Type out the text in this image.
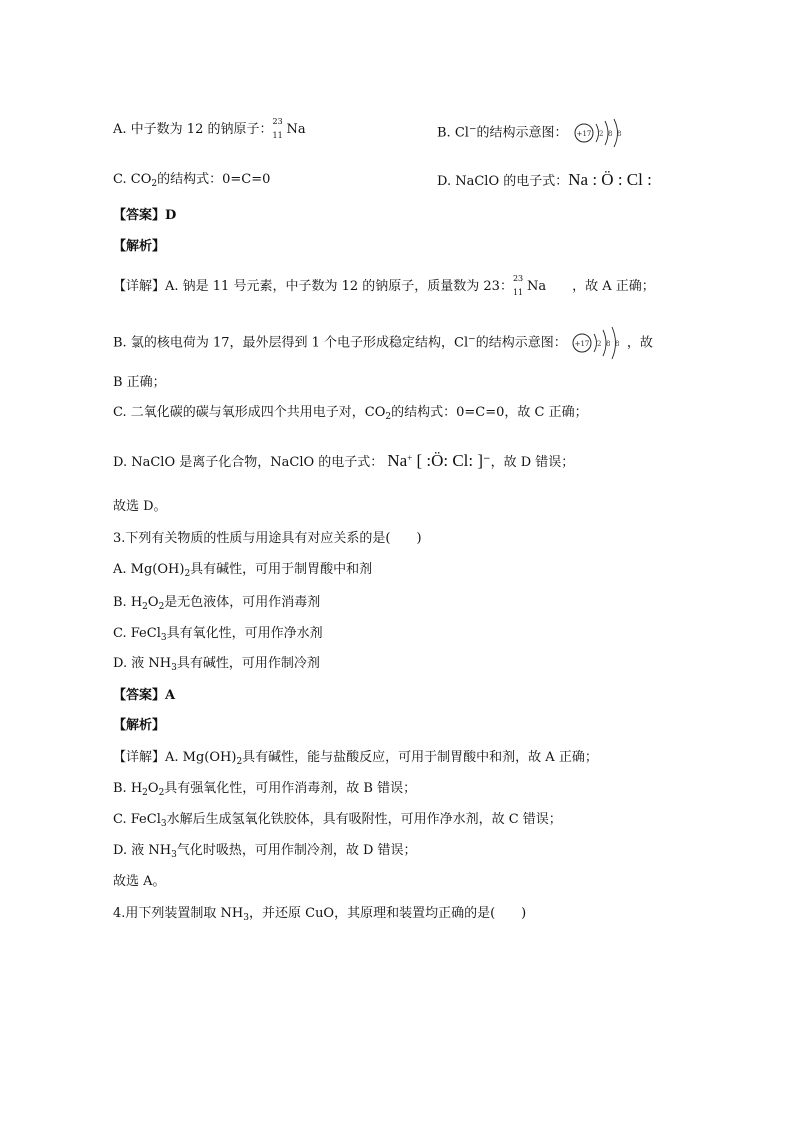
A. 中子数为 12 的钠原子：
23
11 Na	B. Cl−的结构示意图： +17 2 8 8
C. $CO_2$的结构式：0=C=0	D. NaClO 的电子式：Na : Ö : Cl :
【答案】D
【解析】
【详解】A. 钠是 11 号元素，中子数为 12 的钠原子，质量数为 23：
23
11 Na　　 ，故 A 正确；
B. 氯的核电荷为 17，最外层得到 1 个电子形成稳定结构，Cl−的结构示意图： +17 2 8 8 ，故
B 正确；
C. 二氧化碳的碳与氧形成四个共用电子对，$CO_2$的结构式：0=C=0，故 C 正确；
D. NaClO 是离子化合物，NaClO 的电子式： Na+ [ :Ö: Cl: ]−，故 D 错误；
故选 D。
3.下列有关物质的性质与用途具有对应关系的是(　　)
A. $Mg(OH)_2$具有碱性，可用于制胃酸中和剂
B. $H_2O_2$是无色液体，可用作消毒剂
C. FeCl$_3$具有氧化性，可用作净水剂
D. 液 $NH_3$具有碱性，可用作制冷剂
【答案】A
【解析】
【详解】A. $Mg(OH)_2$具有碱性，能与盐酸反应，可用于制胃酸中和剂，故 A 正确；
B. $H_2O_2$具有强氧化性，可用作消毒剂，故 B 错误；
C. FeCl$_3$水解后生成氢氧化铁胶体，具有吸附性，可用作净水剂，故 C 错误；
D. 液 $NH_3$气化时吸热，可用作制冷剂，故 D 错误；
故选 A。
4.用下列装置制取 $NH_3$，并还原 CuO，其原理和装置均正确的是(　　)
